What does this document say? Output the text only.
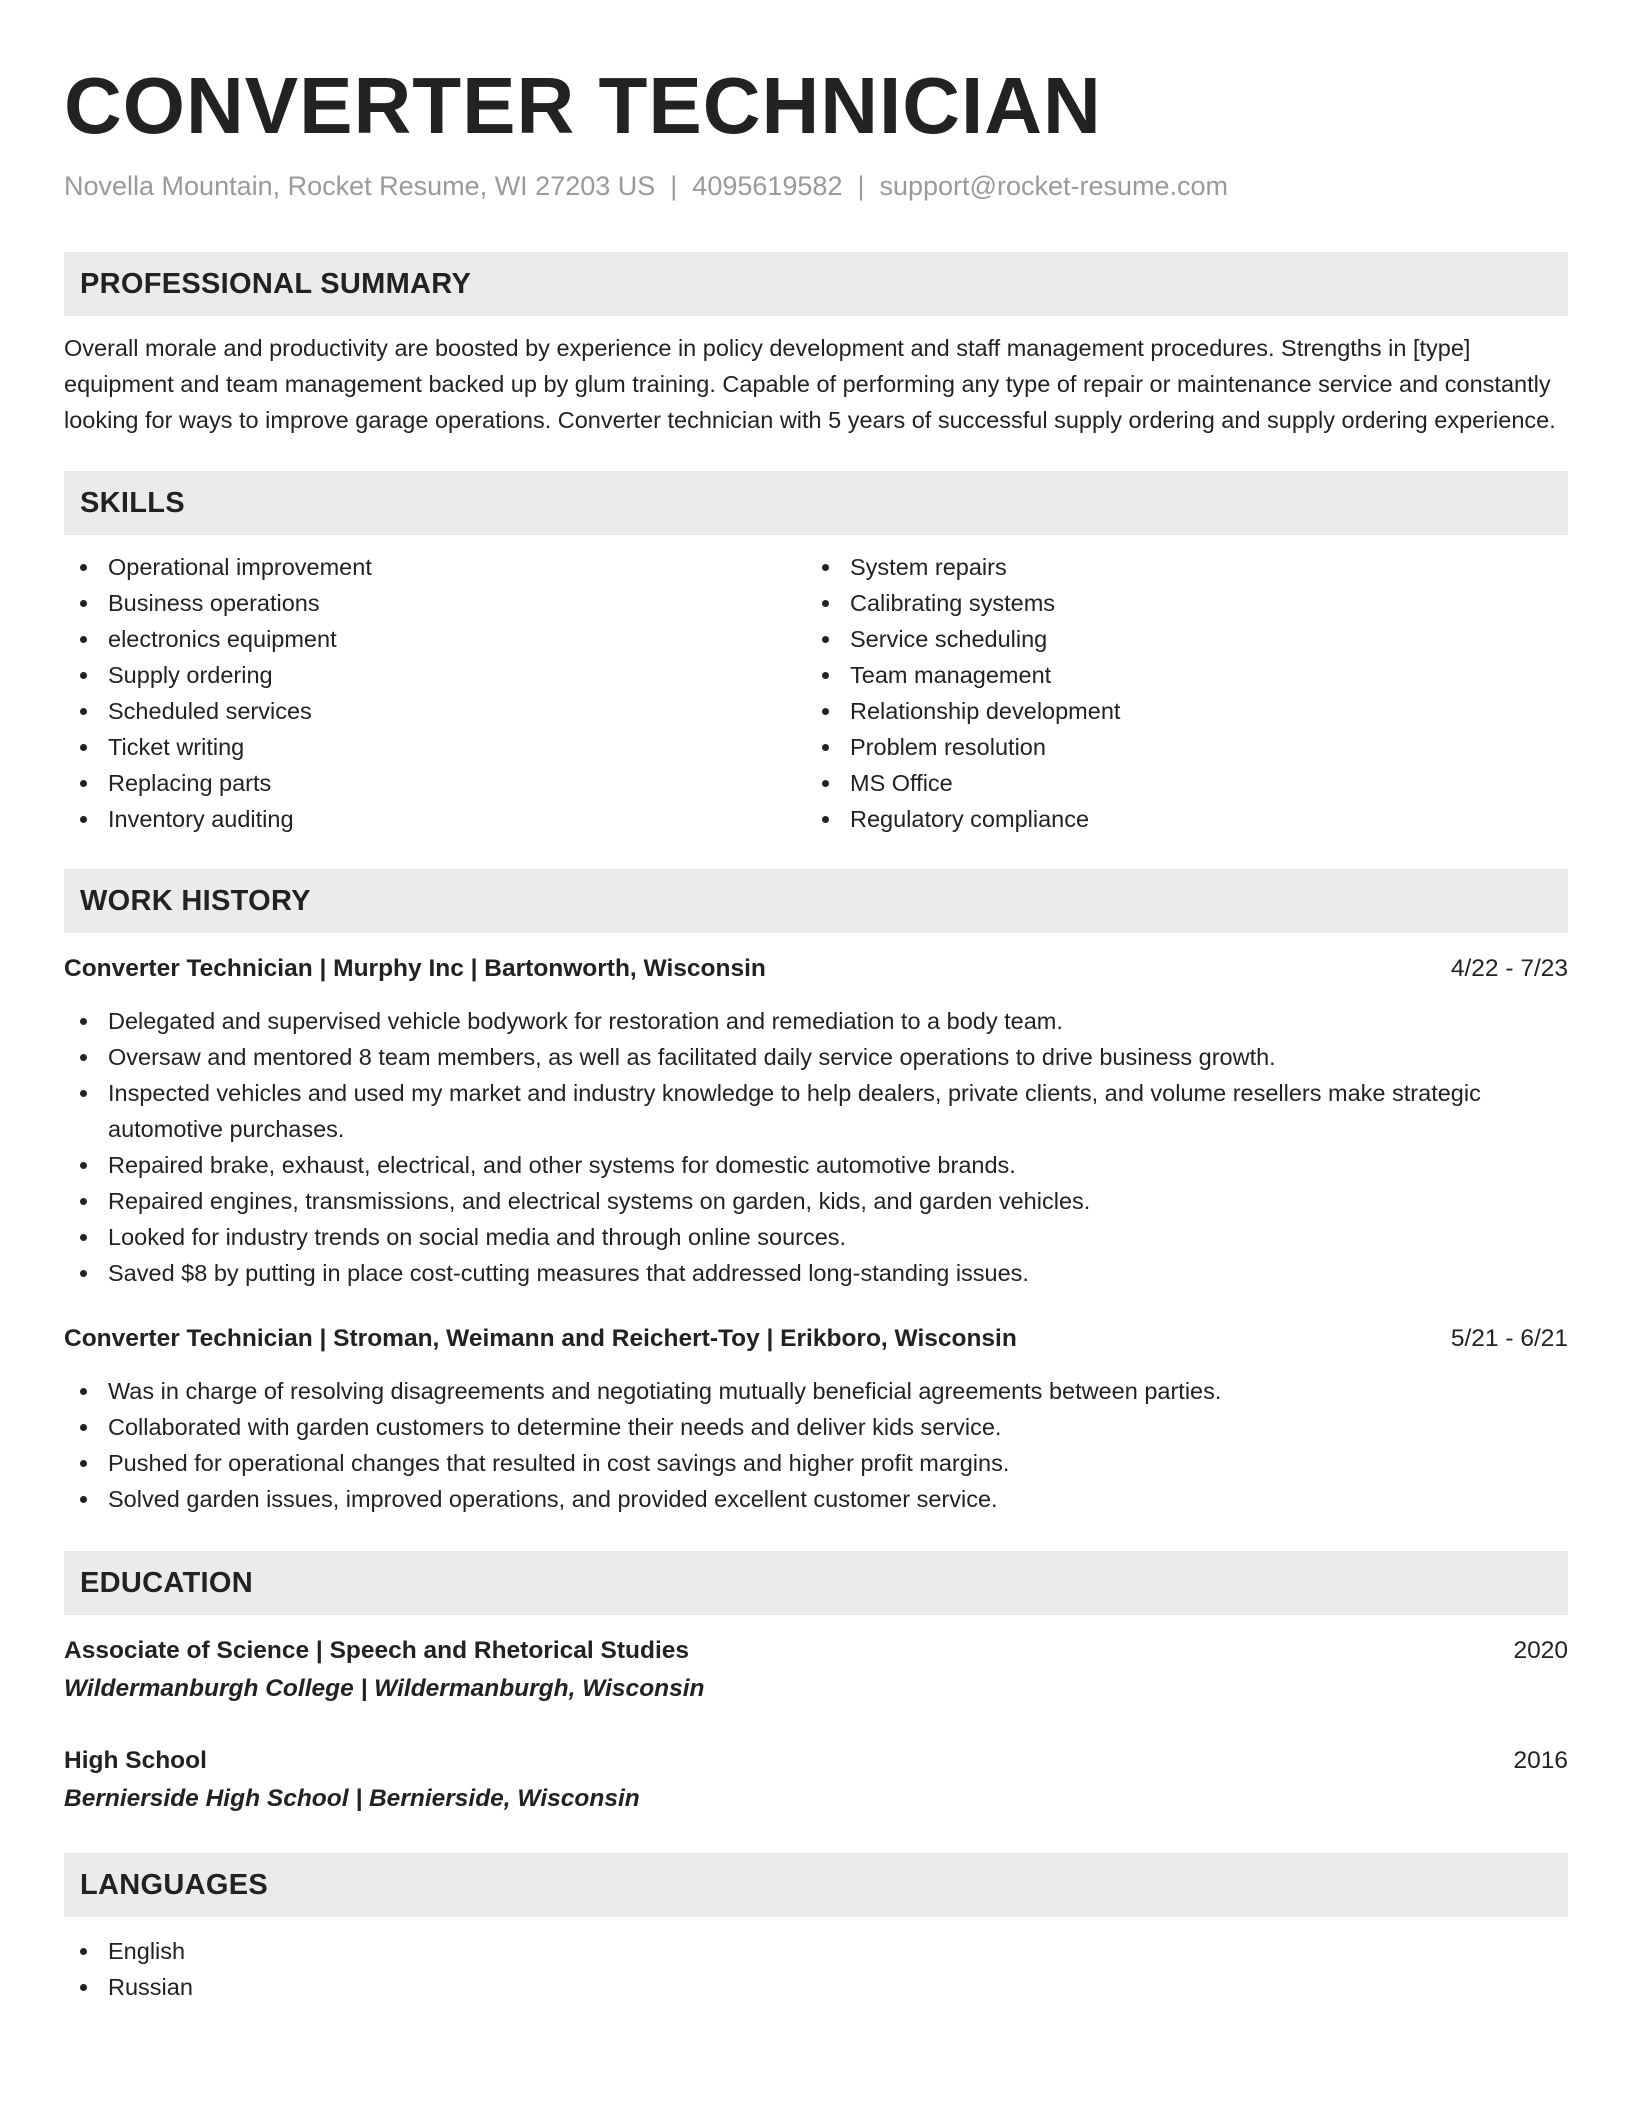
CONVERTER TECHNICIAN
Novella Mountain, Rocket Resume, WI 27203 US | 4095619582 | support@rocket-resume.com
PROFESSIONAL SUMMARY
Overall morale and productivity are boosted by experience in policy development and staff management procedures. Strengths in [type] equipment and team management backed up by glum training. Capable of performing any type of repair or maintenance service and constantly looking for ways to improve garage operations. Converter technician with 5 years of successful supply ordering and supply ordering experience.
SKILLS
Operational improvement
Business operations
electronics equipment
Supply ordering
Scheduled services
Ticket writing
Replacing parts
Inventory auditing
System repairs
Calibrating systems
Service scheduling
Team management
Relationship development
Problem resolution
MS Office
Regulatory compliance
WORK HISTORY
Converter Technician | Murphy Inc | Bartonworth, Wisconsin	4/22 - 7/23
Delegated and supervised vehicle bodywork for restoration and remediation to a body team.
Oversaw and mentored 8 team members, as well as facilitated daily service operations to drive business growth.
Inspected vehicles and used my market and industry knowledge to help dealers, private clients, and volume resellers make strategic automotive purchases.
Repaired brake, exhaust, electrical, and other systems for domestic automotive brands.
Repaired engines, transmissions, and electrical systems on garden, kids, and garden vehicles.
Looked for industry trends on social media and through online sources.
Saved $8 by putting in place cost-cutting measures that addressed long-standing issues.
Converter Technician | Stroman, Weimann and Reichert-Toy | Erikboro, Wisconsin	5/21 - 6/21
Was in charge of resolving disagreements and negotiating mutually beneficial agreements between parties.
Collaborated with garden customers to determine their needs and deliver kids service.
Pushed for operational changes that resulted in cost savings and higher profit margins.
Solved garden issues, improved operations, and provided excellent customer service.
EDUCATION
Associate of Science | Speech and Rhetorical Studies	2020
Wildermanburgh College | Wildermanburgh, Wisconsin
High School	2016
Bernierside High School | Bernierside, Wisconsin
LANGUAGES
English
Russian
